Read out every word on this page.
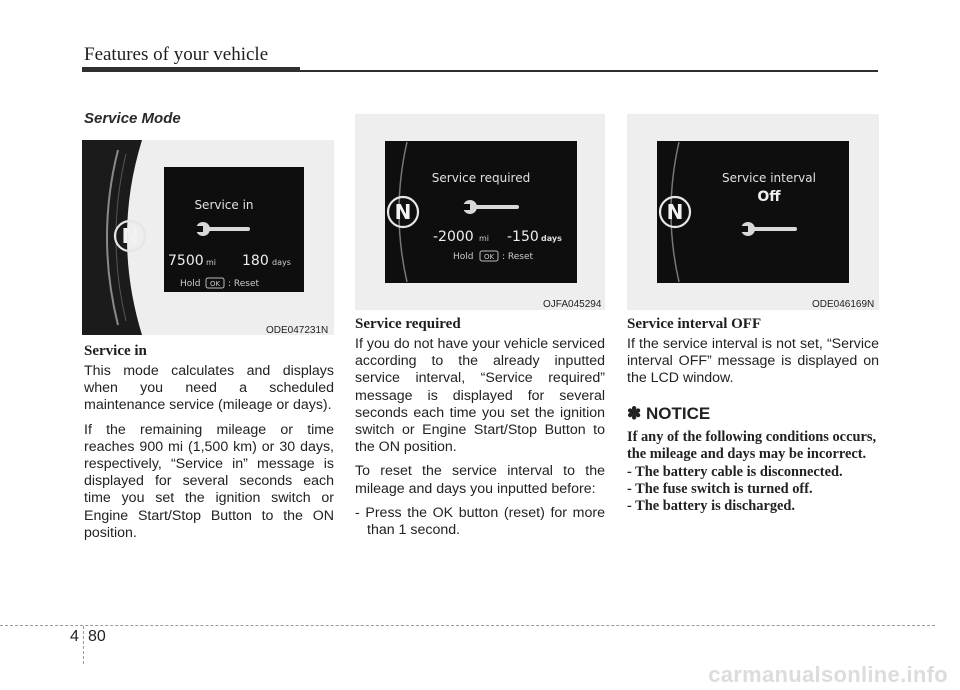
Features of your vehicle
Service Mode
N
Service in
7500 mi 180 days
Hold OK : Reset
ODE047231N
N
Service required
-2000 mi -150 days
Hold OK : Reset
OJFA045294
N
Service interval
Off
ODE046169N
Service in

This mode calculates and displays when you need a scheduled maintenance service (mileage or days).

If the remaining mileage or time reaches 900 mi (1,500 km) or 30 days, respectively, “Service in” message is displayed for several seconds each time you set the ignition switch or Engine Start/Stop Button to the ON position.

Service required

If you do not have your vehicle serviced according to the already inputted service interval, “Service required” message is displayed for several seconds each time you set the ignition switch or Engine Start/Stop Button to the ON position.

To reset the service interval to the mileage and days you inputted before:

- Press the OK button (reset) for more than 1 second.

Service interval OFF

If the service interval is not set, “Service interval OFF” message is displayed on the LCD window.

✽ NOTICE
If any of the following conditions occurs, the mileage and days may be incorrect.
- The battery cable is disconnected.
- The fuse switch is turned off.
- The battery is discharged.
4 80
carmanualsonline.info
